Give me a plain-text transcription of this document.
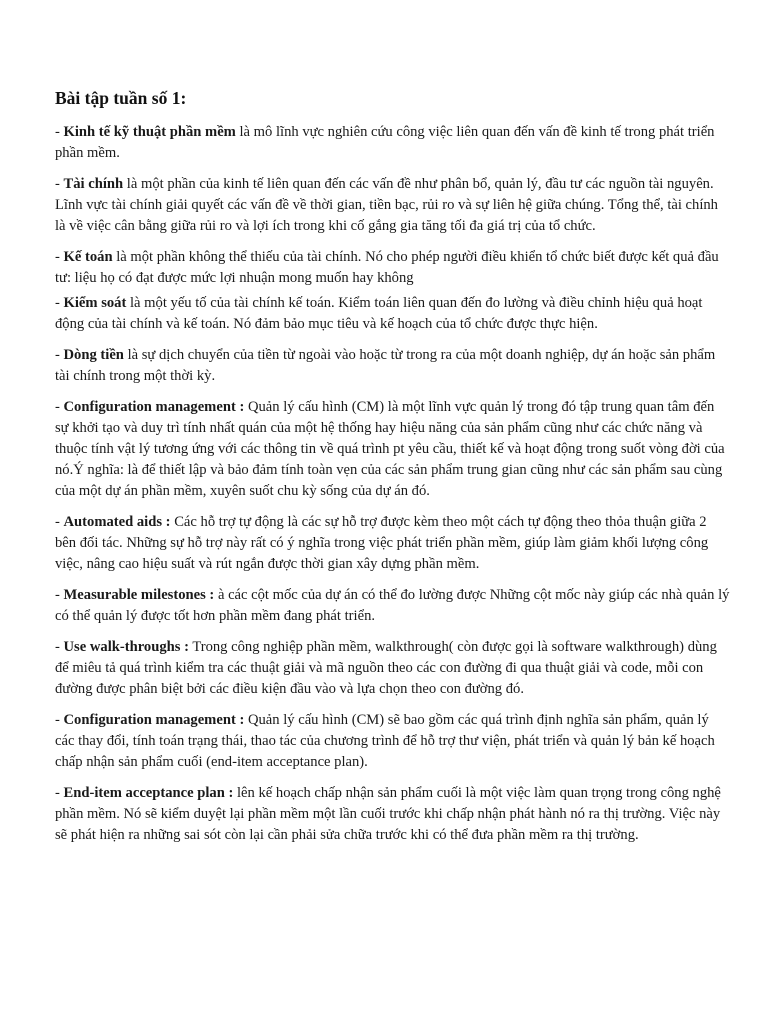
Bài tập tuần số 1:
- Kinh tế kỹ thuật phần mềm là mô lĩnh vực nghiên cứu công việc liên quan đến vấn đề kinh tế trong phát triển phần mềm.
- Tài chính là một phần của kinh tế liên quan đến các vấn đề như phân bổ, quản lý, đầu tư các nguồn tài nguyên. Lĩnh vực tài chính giải quyết các vấn đề về thời gian, tiền bạc, rủi ro và sự liên hệ giữa chúng. Tổng thể, tài chính là về việc cân bằng giữa rủi ro và lợi ích trong khi cố gắng gia tăng tối đa giá trị của tổ chức.
- Kế toán là một phần không thể thiếu của tài chính. Nó cho phép người điều khiển tổ chức biết được kết quả đầu tư: liệu họ có đạt được mức lợi nhuận mong muốn hay không
- Kiểm soát là một yếu tố của tài chính kế toán. Kiểm toán liên quan đến đo lường và điều chỉnh hiệu quả hoạt động của tài chính và kế toán. Nó đảm bảo mục tiêu và kế hoạch của tổ chức được thực hiện.
- Dòng tiền là sự dịch chuyển của tiền từ ngoài vào hoặc từ trong ra của một doanh nghiệp, dự án hoặc sản phẩm tài chính trong một thời kỳ.
- Configuration management : Quản lý cấu hình (CM) là một lĩnh vực quản lý trong đó tập trung quan tâm đến sự khởi tạo và duy trì tính nhất quán của một hệ thống hay hiệu năng của sản phẩm cũng như các chức năng và thuộc tính vật lý tương ứng với các thông tin về quá trình pt yêu cầu, thiết kế và hoạt động trong suốt vòng đời của nó.Ý nghĩa: là để thiết lập và bảo đảm tính toàn vẹn của các sản phẩm trung gian cũng như các sản phẩm sau cùng của một dự án phần mềm, xuyên suốt chu kỳ sống của dự án đó.
- Automated aids : Các hỗ trợ tự động là các sự hỗ trợ được kèm theo một cách tự động theo thỏa thuận giữa 2 bên đối tác. Những sự hỗ trợ này rất có ý nghĩa trong việc phát triển phần mềm, giúp làm giảm khối lượng công việc, nâng cao hiệu suất và rút ngắn được thời gian xây dựng phần mềm.
- Measurable milestones : à các cột mốc của dự án có thể đo lường được Những cột mốc này giúp các nhà quản lý có thể quản lý được tốt hơn phần mềm đang phát triển.
- Use walk-throughs : Trong công nghiệp phần mềm, walkthrough( còn được gọi là software walkthrough) dùng để miêu tả quá trình kiểm tra các thuật giải và mã nguồn theo các con đường đi qua thuật giải và code, mỗi con đường được phân biệt bởi các điều kiện đầu vào và lựa chọn theo con đường đó.
- Configuration management : Quản lý cấu hình (CM) sẽ bao gồm các quá trình định nghĩa sản phẩm, quản lý các thay đổi, tính toán trạng thái, thao tác của chương trình để hỗ trợ thư viện, phát triển và quản lý bản kế hoạch chấp nhận sản phẩm cuối (end-item acceptance plan).
- End-item acceptance plan : lên kế hoạch chấp nhận sản phẩm cuối là một việc làm quan trọng trong công nghệ phần mềm. Nó sẽ kiểm duyệt lại phần mềm một lần cuối trước khi chấp nhận phát hành nó ra thị trường. Việc này sẽ phát hiện ra những sai sót còn lại cần phải sửa chữa trước khi có thể đưa phần mềm ra thị trường.
